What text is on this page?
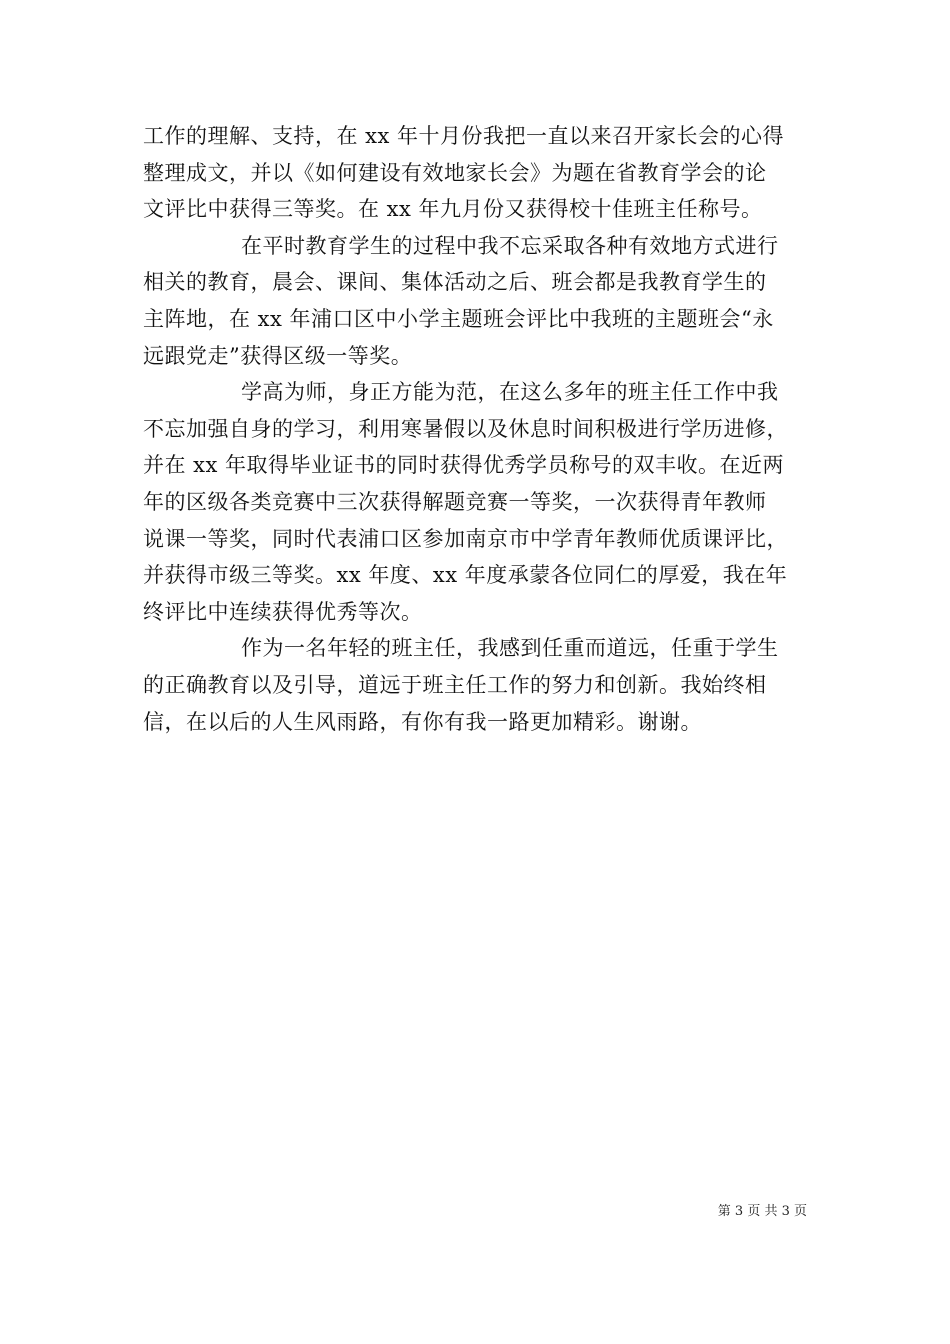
工作的理解、支持，在 xx 年十月份我把一直以来召开家长会的心得
整理成文，并以《如何建设有效地家长会》为题在省教育学会的论
文评比中获得三等奖。在 xx 年九月份又获得校十佳班主任称号。
在平时教育学生的过程中我不忘采取各种有效地方式进行
相关的教育，晨会、课间、集体活动之后、班会都是我教育学生的
主阵地，在 xx 年浦口区中小学主题班会评比中我班的主题班会“永
远跟党走”获得区级一等奖。
学高为师，身正方能为范，在这么多年的班主任工作中我
不忘加强自身的学习，利用寒暑假以及休息时间积极进行学历进修，
并在 xx 年取得毕业证书的同时获得优秀学员称号的双丰收。在近两
年的区级各类竞赛中三次获得解题竞赛一等奖，一次获得青年教师
说课一等奖，同时代表浦口区参加南京市中学青年教师优质课评比，
并获得市级三等奖。xx 年度、xx 年度承蒙各位同仁的厚爱，我在年
终评比中连续获得优秀等次。
作为一名年轻的班主任，我感到任重而道远，任重于学生
的正确教育以及引导，道远于班主任工作的努力和创新。我始终相
信，在以后的人生风雨路，有你有我一路更加精彩。谢谢。
第 3 页 共 3 页
